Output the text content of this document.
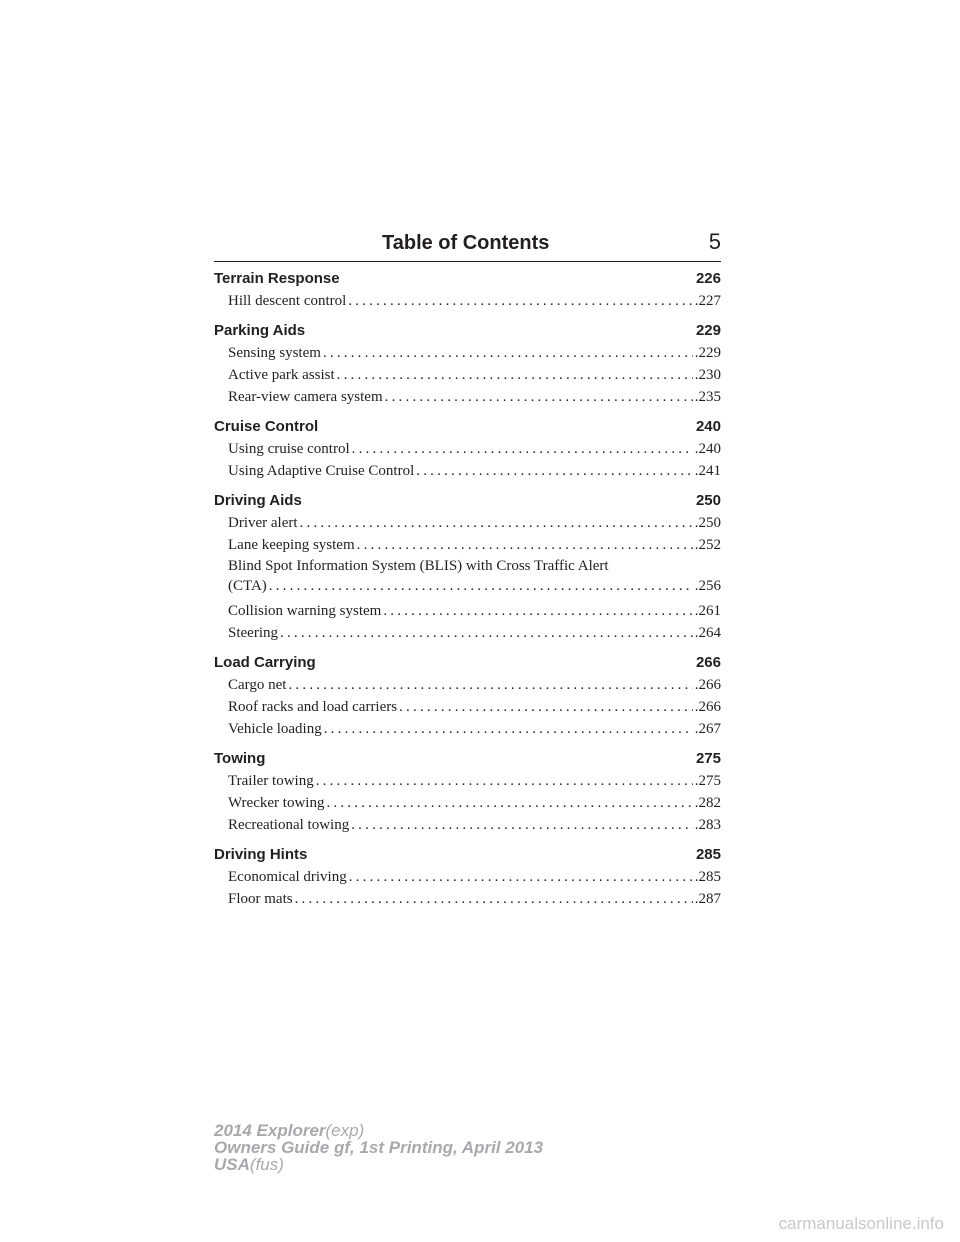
Table of Contents	5
Terrain Response	226
Hill descent control .....	.227
Parking Aids	229
Sensing system .....	.229
Active park assist .....	.230
Rear-view camera system .....	.235
Cruise Control	240
Using cruise control .....	.240
Using Adaptive Cruise Control .....	.241
Driving Aids	250
Driver alert .....	.250
Lane keeping system .....	.252
Blind Spot Information System (BLIS) with Cross Traffic Alert
(CTA) .....	.256
Collision warning system .....	.261
Steering .....	.264
Load Carrying	266
Cargo net .....	.266
Roof racks and load carriers .....	.266
Vehicle loading .....	.267
Towing	275
Trailer towing .....	.275
Wrecker towing .....	.282
Recreational towing .....	.283
Driving Hints	285
Economical driving .....	.285
Floor mats .....	.287
2014 Explorer(exp)
Owners Guide gf, 1st Printing, April 2013
USA(fus)
carmanualsonline.info
